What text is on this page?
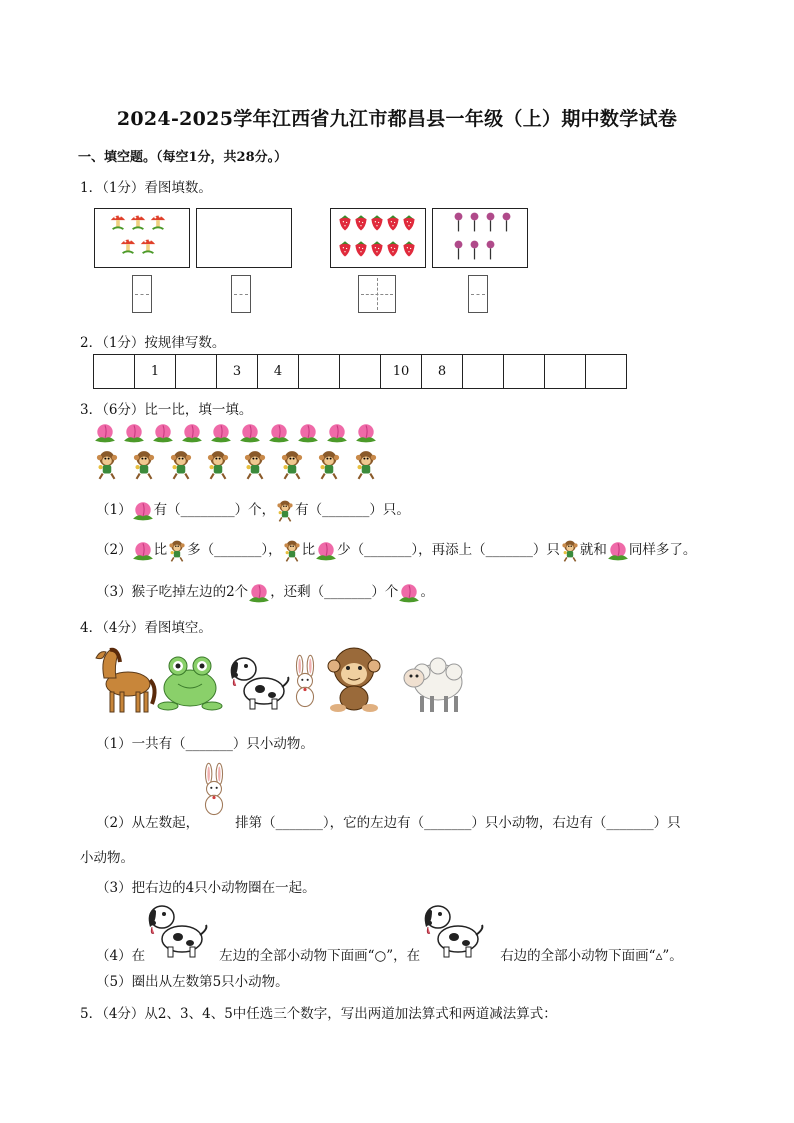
2024-2025学年江西省九江市都昌县一年级（上）期中数学试卷
一、填空题。（每空1分，共28分。）
1．（1分）看图填数。
2．（1分）按规律写数。
	1		3	4			10	8				
3．（6分）比一比，填一填。
（1） 有（________）个， 有（_______）只。
（2） 比 多（_______）， 比 少（_______），再添上（_______）只 就和 同样多了。
（3）猴子吃掉左边的2个 ，还剩（_______）个 。
4．（4分）看图填空。
（1）一共有（_______）只小动物。
（2）从左数起，	排第（_______），它的左边有（_______）只小动物，右边有（_______）只
小动物。
（3）把右边的4只小动物圈在一起。
（4）在	左边的全部小动物下面画“○”，在	右边的全部小动物下面画“▵”。
（5）圈出从左数第5只小动物。
5．（4分）从2、3、4、5中任选三个数字，写出两道加法算式和两道减法算式：
